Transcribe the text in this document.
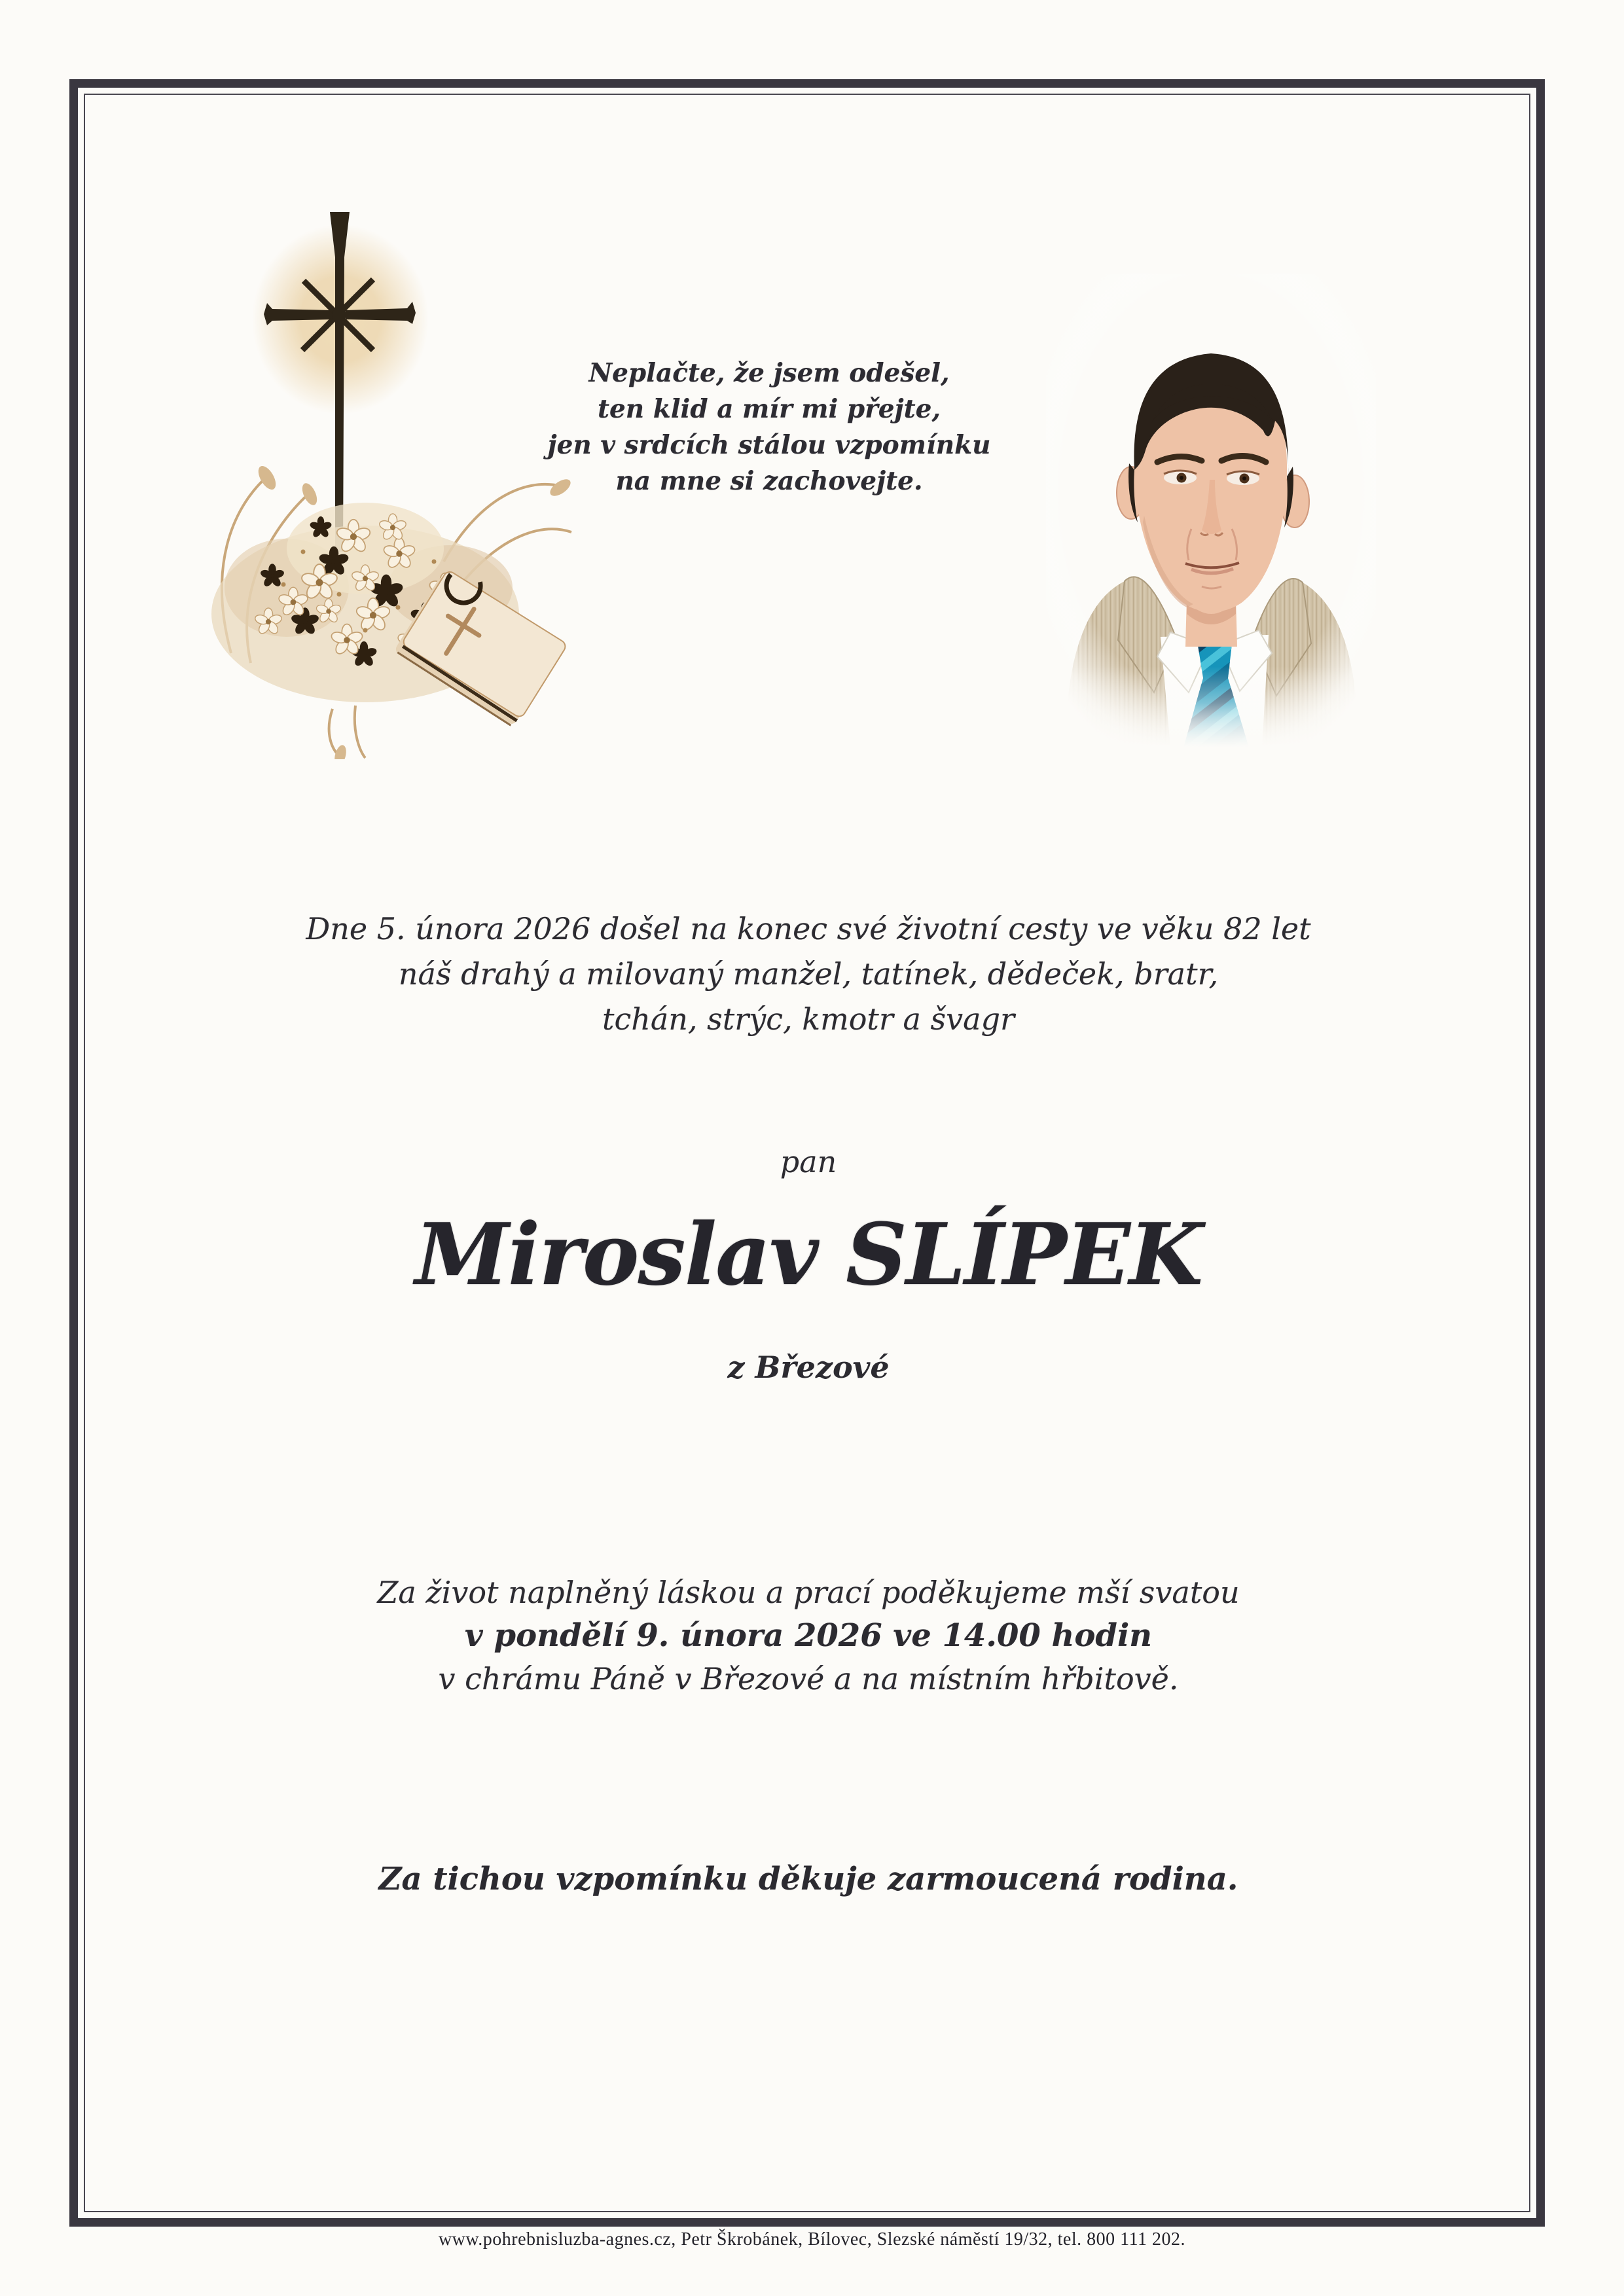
Neplačte, že jsem odešel,
ten klid a mír mi přejte,
jen v srdcích stálou vzpomínku
na mne si zachovejte.
Dne 5. února 2026 došel na konec své životní cesty ve věku 82 let
náš drahý a milovaný manžel, tatínek, dědeček, bratr,
tchán, strýc, kmotr a švagr
pan
Miroslav SLÍPEK
z Březové
Za život naplněný láskou a prací poděkujeme mší svatou
v pondělí 9. února 2026 ve 14.00 hodin
v chrámu Páně v Březové a na místním hřbitově.
Za tichou vzpomínku děkuje zarmoucená rodina.
www.pohrebnisluzba-agnes.cz, Petr Škrobánek, Bílovec, Slezské náměstí 19/32, tel. 800 111 202.
